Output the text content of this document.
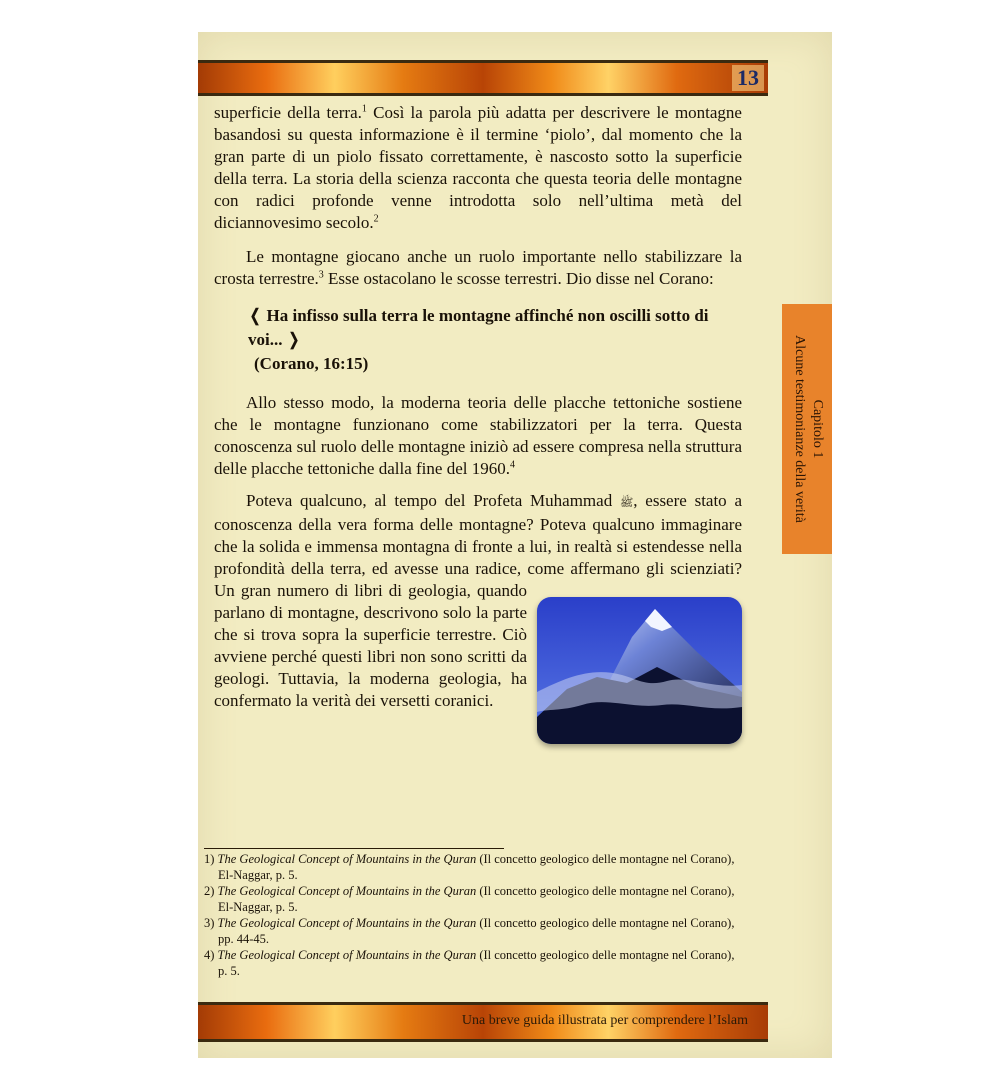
13
Capitolo 1
Alcune testimonianze della verità

superficie della terra.$^1$ Così la parola più adatta per descrivere le montagne basandosi su questa informazione è il termine ‘piolo’, dal momento che la gran parte di un piolo fissato correttamente, è nascosto sotto la superficie della terra. La storia della scienza racconta che questa teoria delle montagne con radici profonde venne introdotta solo nell’ultima metà del diciannovesimo secolo.$^2$

Le montagne giocano anche un ruolo importante nello stabilizzare la crosta terrestre.$^3$ Esse ostacolano le scosse terrestri. Dio disse nel Corano:

❬ Ha infisso sulla terra le montagne affinché non oscilli sotto di voi... ❭
(Corano, 16:15)

Allo stesso modo, la moderna teoria delle placche tettoniche sostiene che le montagne funzionano come stabilizzatori per la terra. Questa conoscenza sul ruolo delle montagne iniziò ad essere compresa nella struttura delle placche tettoniche dalla fine del 1960.$^4$

Poteva qualcuno, al tempo del Profeta Muhammad ﷺ, essere stato a conoscenza della vera forma delle montagne? Poteva qualcuno immaginare che la solida e immensa montagna di fronte a lui, in realtà si estendesse nella profondità della terra, ed avesse una radice, come affermano gli scienziati? Un gran numero di libri di geologia, quando parlano di montagne, descrivono solo la parte che si trova sopra la superficie terrestre. Ciò avviene perché questi libri non sono scritti da geologi. Tuttavia, la moderna geologia, ha confermato la verità dei versetti coranici.

1) The Geological Concept of Mountains in the Quran (Il concetto geologico delle montagne nel Corano), El-Naggar, p. 5.

2) The Geological Concept of Mountains in the Quran (Il concetto geologico delle montagne nel Corano), El-Naggar, p. 5.

3) The Geological Concept of Mountains in the Quran (Il concetto geologico delle montagne nel Corano), pp. 44-45.

4) The Geological Concept of Mountains in the Quran (Il concetto geologico delle montagne nel Corano), p. 5.

Una breve guida illustrata per comprendere l’Islam
